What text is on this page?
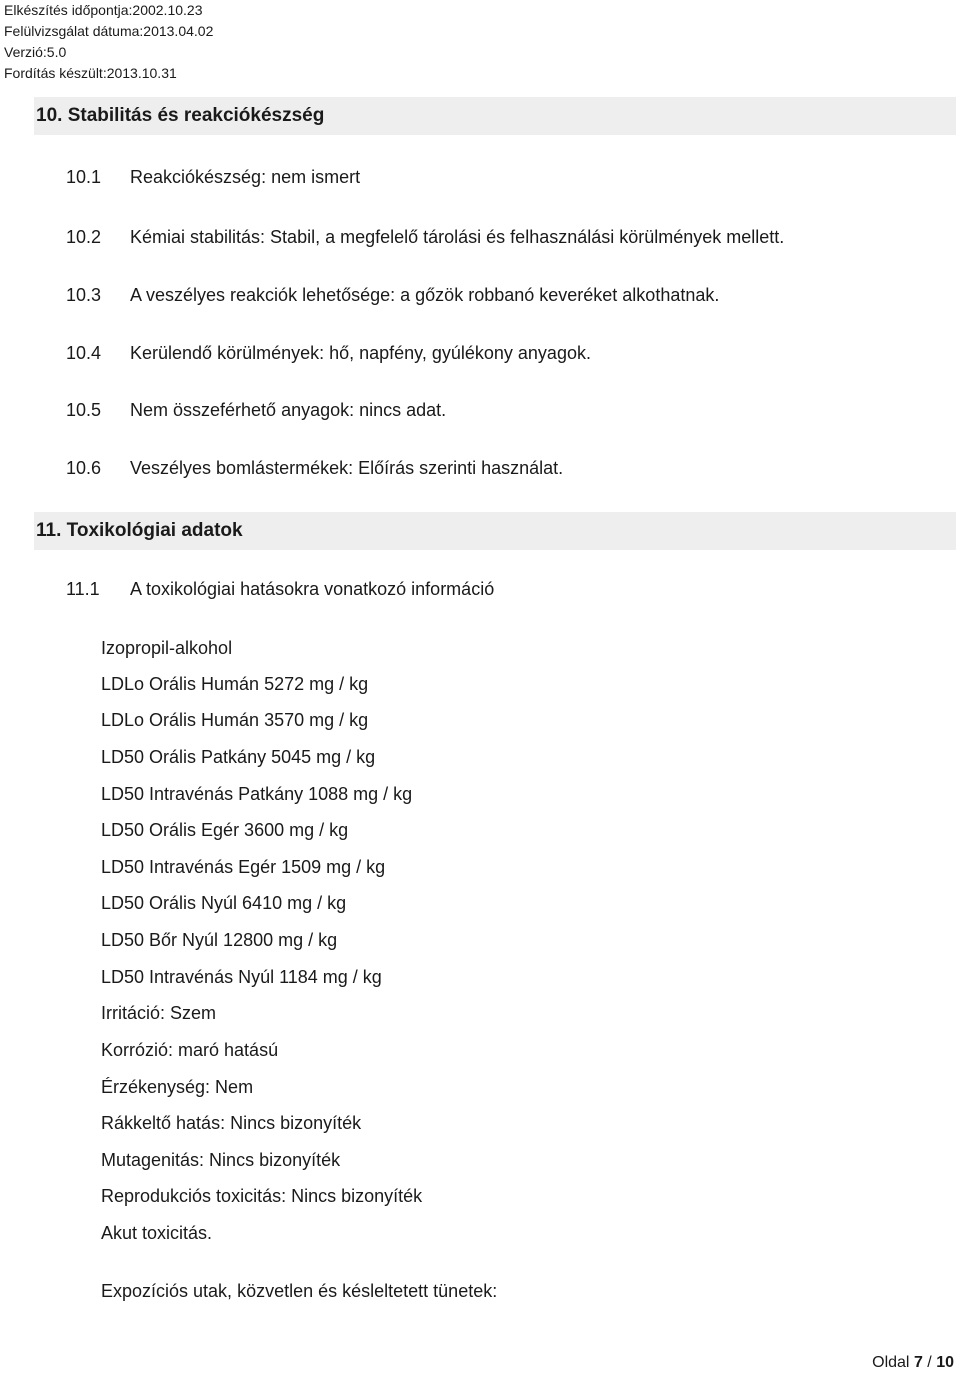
Elkészítés időpontja:2002.10.23
Felülvizsgálat dátuma:2013.04.02
Verzió:5.0
Fordítás készült:2013.10.31
10. Stabilitás és reakciókészség
10.1 Reakciókészség: nem ismert
10.2 Kémiai stabilitás: Stabil, a megfelelő tárolási és felhasználási körülmények mellett.
10.3 A veszélyes reakciók lehetősége: a gőzök robbanó keveréket alkothatnak.
10.4 Kerülendő körülmények: hő, napfény, gyúlékony anyagok.
10.5 Nem összeférhető anyagok: nincs adat.
10.6 Veszélyes bomlástermékek: Előírás szerinti használat.
11. Toxikológiai adatok
11.1 A toxikológiai hatásokra vonatkozó információ
Izopropil-alkohol
LDLo Orális Humán 5272 mg / kg
LDLo Orális Humán 3570 mg / kg
LD50 Orális Patkány 5045 mg / kg
LD50 Intravénás Patkány 1088 mg / kg
LD50 Orális Egér 3600 mg / kg
LD50 Intravénás Egér 1509 mg / kg
LD50 Orális Nyúl 6410 mg / kg
LD50 Bőr Nyúl 12800 mg / kg
LD50 Intravénás Nyúl 1184 mg / kg
Irritáció: Szem
Korrózió: maró hatású
Érzékenység: Nem
Rákkeltő hatás: Nincs bizonyíték
Mutagenitás: Nincs bizonyíték
Reprodukciós toxicitás: Nincs bizonyíték
Akut toxicitás.
Expozíciós utak, közvetlen és késleltetett tünetek:
Oldal 7 / 10
